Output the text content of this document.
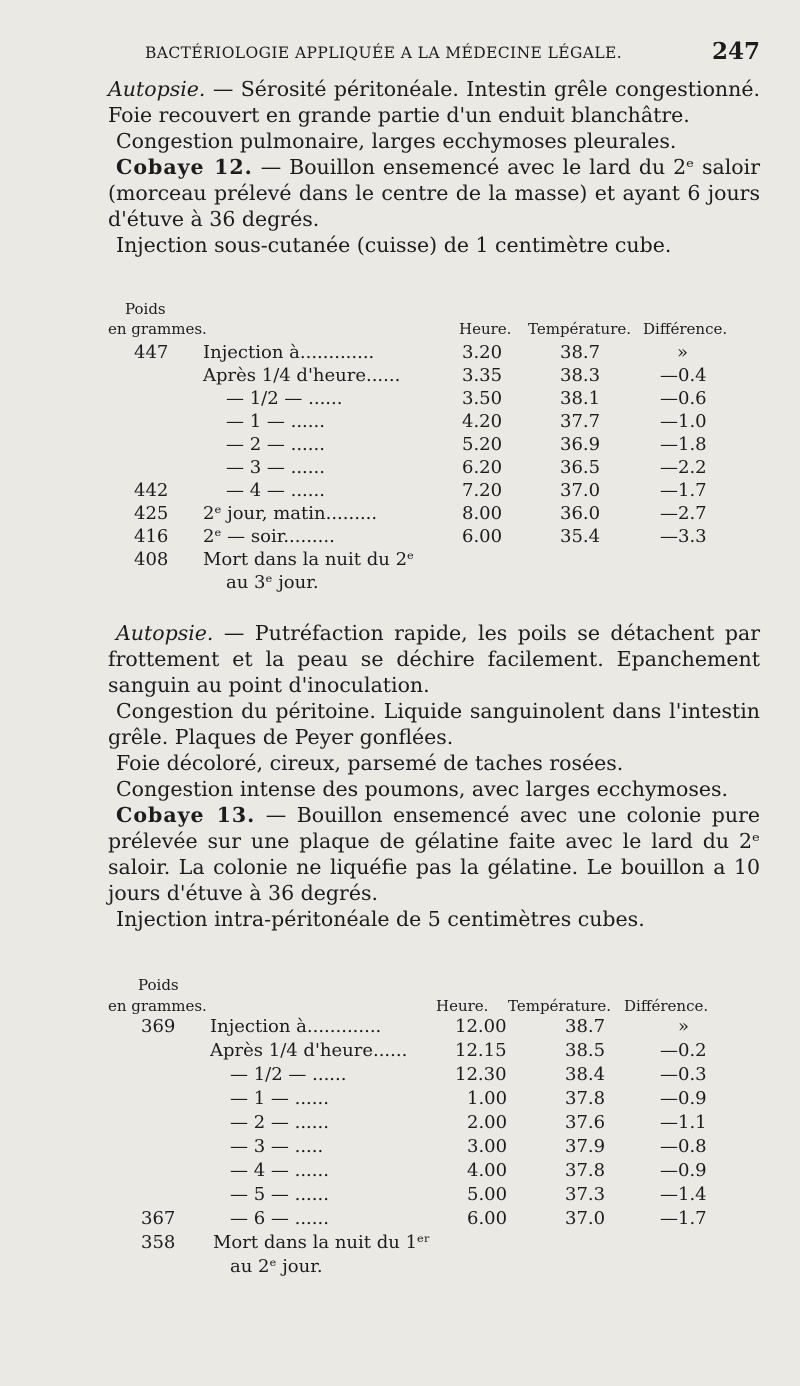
BACTÉRIOLOGIE APPLIQUÉE A LA MÉDECINE LÉGALE.	247
Autopsie. — Sérosité péritonéale. Intestin grêle congestionné. Foie recouvert en grande partie d'un enduit blanchâtre.
Congestion pulmonaire, larges ecchymoses pleurales.
Cobaye 12. — Bouillon ensemencé avec le lard du 2ᵉ saloir (morceau prélevé dans le centre de la masse) et ayant 6 jours d'étuve à 36 degrés.
Injection sous-cutanée (cuisse) de 1 centimètre cube.
Poids
en grammes.	Heure. Température. Différence.
447 Injection à.............	3.20	38.7	»
Après 1/4 d'heure......	3.35	38.3	—0.4
— 1/2 — ......	3.50	38.1	—0.6
— 1 — ......	4.20	37.7	—1.0
— 2 — ......	5.20	36.9	—1.8
— 3 — ......	6.20	36.5	—2.2
442	— 4 — ......	7.20	37.0	—1.7
425 2ᵉ jour, matin.........	8.00	36.0	—2.7
416 2ᵉ — soir.........	6.00	35.4	—3.3
408 Mort dans la nuit du 2ᵉ
au 3ᵉ jour.
Autopsie. — Putréfaction rapide, les poils se détachent par frottement et la peau se déchire facilement. Epanchement sanguin au point d'inoculation.
Congestion du péritoine. Liquide sanguinolent dans l'intestin grêle. Plaques de Peyer gonflées.
Foie décoloré, cireux, parsemé de taches rosées.
Congestion intense des poumons, avec larges ecchymoses.
Cobaye 13. — Bouillon ensemencé avec une colonie pure prélevée sur une plaque de gélatine faite avec le lard du 2ᵉ saloir. La colonie ne liquéfie pas la gélatine. Le bouillon a 10 jours d'étuve à 36 degrés.
Injection intra-péritonéale de 5 centimètres cubes.
Poids
en grammes.	Heure. Température. Différence.
369 Injection à.............	12.00	38.7	»
Après 1/4 d'heure......	12.15	38.5	—0.2
— 1/2 — ......	12.30	38.4	—0.3
— 1 — ......	1.00	37.8	—0.9
— 2 — ......	2.00	37.6	—1.1
— 3 — .....	3.00	37.9	—0.8
— 4 — ......	4.00	37.8	—0.9
— 5 — ......	5.00	37.3	—1.4
367	— 6 — ......	6.00	37.0	—1.7
358 Mort dans la nuit du 1ᵉʳ
au 2ᵉ jour.
